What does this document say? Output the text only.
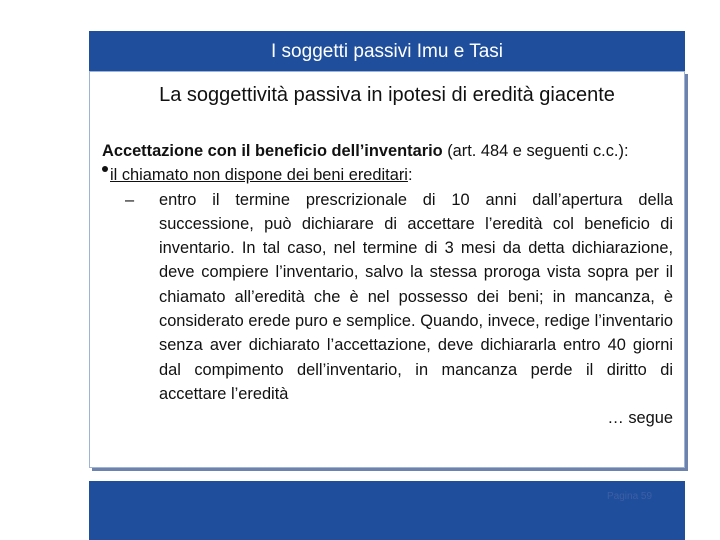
I soggetti passivi Imu e Tasi
La soggettività passiva in ipotesi di eredità giacente

Accettazione con il beneficio dell’inventario (art. 484 e seguenti c.c.):

il chiamato non dispone dei beni ereditari:

– entro il termine prescrizionale di 10 anni dall’apertura della successione, può dichiarare di accettare l’eredità col beneficio di inventario. In tal caso, nel termine di 3 mesi da detta dichiarazione, deve compiere l’inventario, salvo la stessa proroga vista sopra per il chiamato all’eredità che è nel possesso dei beni; in mancanza, è considerato erede puro e semplice. Quando, invece, redige l’inventario senza aver dichiarato l’accettazione, deve dichiararla entro 40 giorni dal compimento dell’inventario, in mancanza perde il diritto di accettare l’eredità

… segue

Pagina 59
